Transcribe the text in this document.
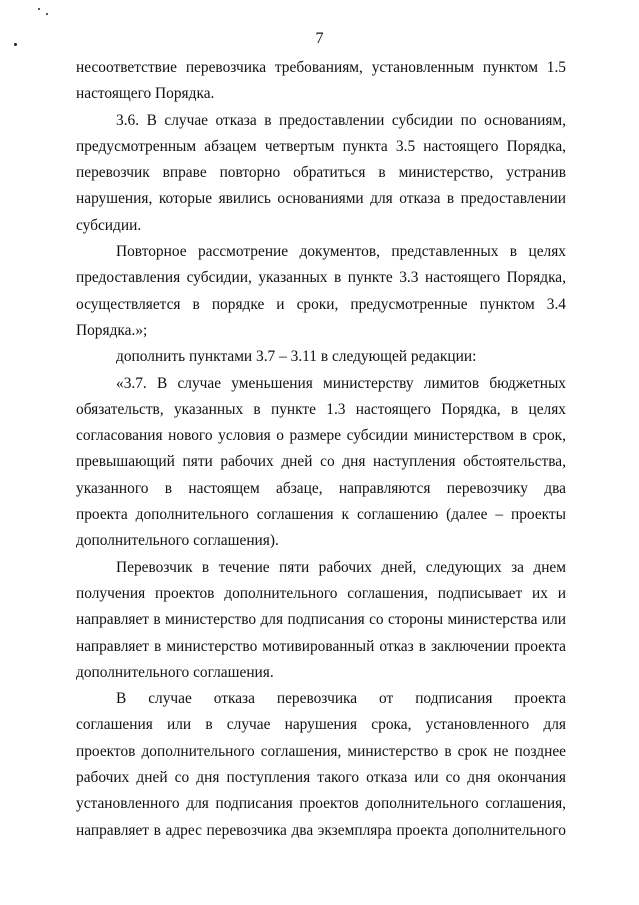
7
несоответствие перевозчика требованиям, установленным пунктом 1.5
настоящего Порядка.
3.6. В случае отказа в предоставлении субсидии по основаниям,
предусмотренным абзацем четвертым пункта 3.5 настоящего Порядка,
перевозчик вправе повторно обратиться в министерство, устранив
нарушения, которые явились основаниями для отказа в предоставлении
субсидии.
Повторное рассмотрение документов, представленных в целях
предоставления субсидии, указанных в пункте 3.3 настоящего Порядка,
осуществляется в порядке и сроки, предусмотренные пунктом 3.4
Порядка.»;
дополнить пунктами 3.7 – 3.11 в следующей редакции:
«3.7. В случае уменьшения министерству лимитов бюджетных
обязательств, указанных в пункте 1.3 настоящего Порядка, в целях
согласования нового условия о размере субсидии министерством в срок,
превышающий пяти рабочих дней со дня наступления обстоятельства,
указанного в настоящем абзаце, направляются перевозчику два
проекта дополнительного соглашения к соглашению (далее – проекты
дополнительного соглашения).
Перевозчик в течение пяти рабочих дней, следующих за днем
получения проектов дополнительного соглашения, подписывает их и
направляет в министерство для подписания со стороны министерства или
направляет в министерство мотивированный отказ в заключении проекта
дополнительного соглашения.
В случае отказа перевозчика от подписания проекта
соглашения или в случае нарушения срока, установленного для
проектов дополнительного соглашения, министерство в срок не позднее
рабочих дней со дня поступления такого отказа или со дня окончания
установленного для подписания проектов дополнительного соглашения,
направляет в адрес перевозчика два экземпляра проекта дополнительного
